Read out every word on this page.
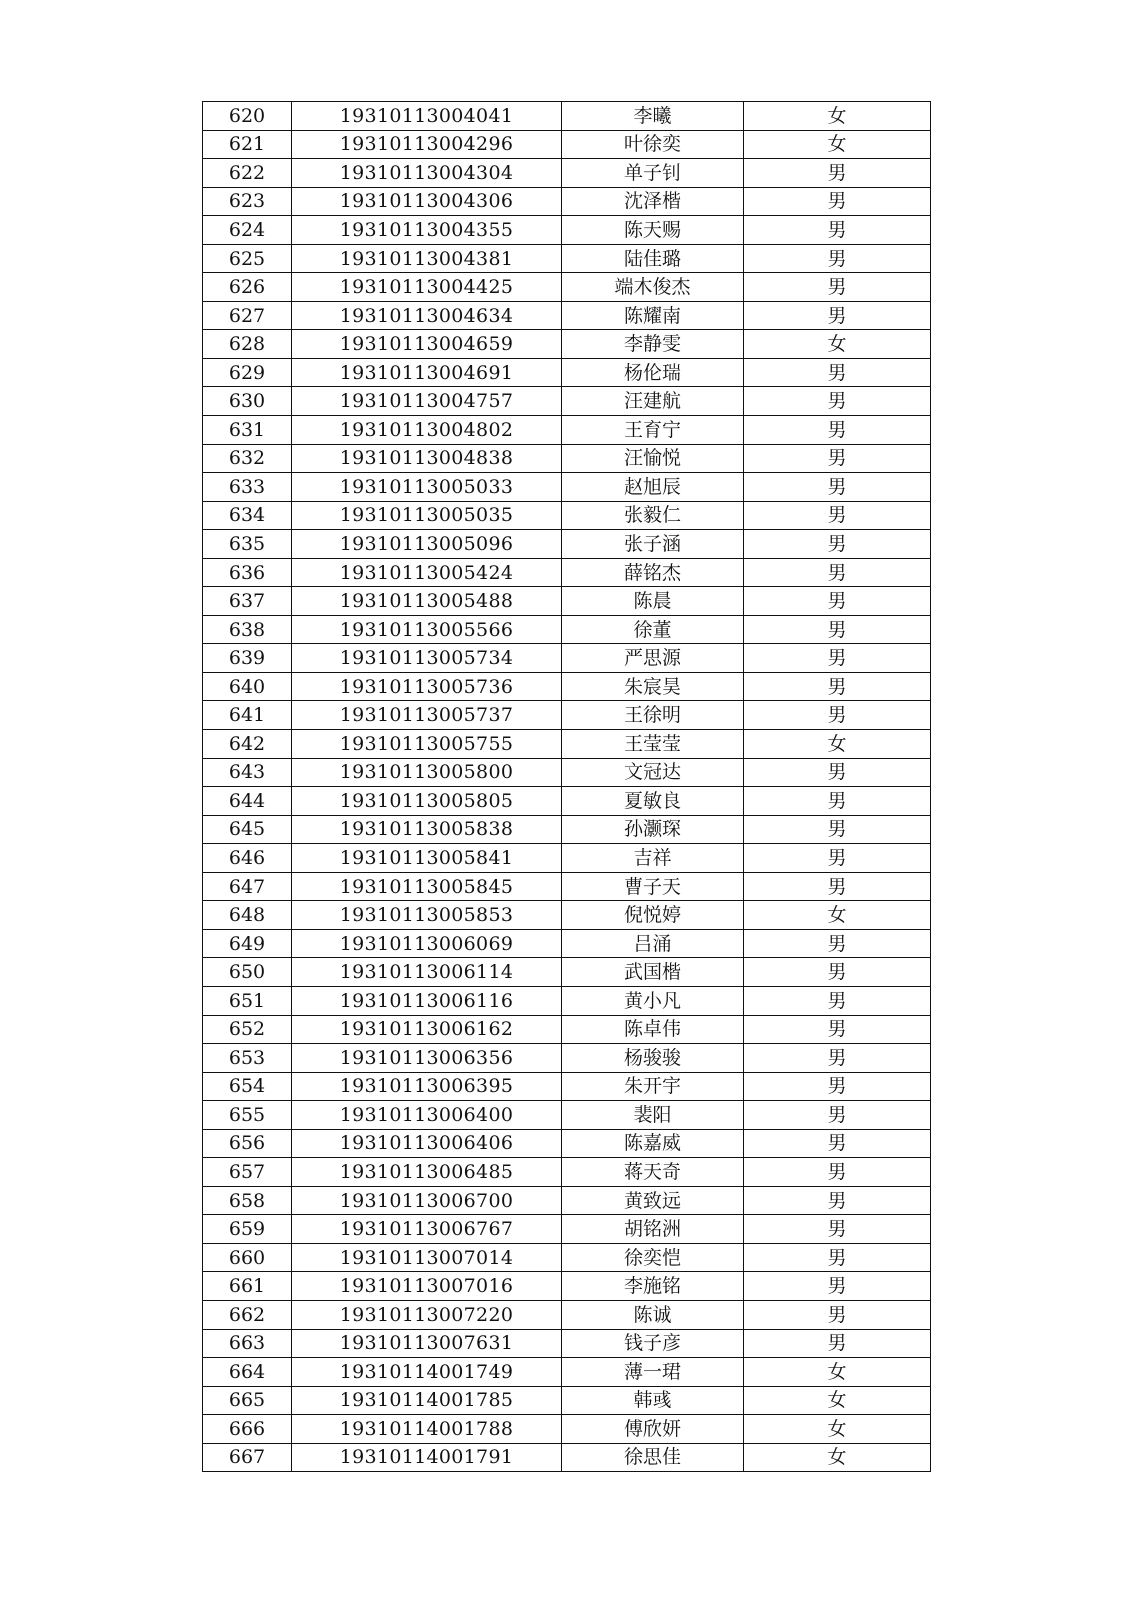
620	19310113004041	李曦	女
621	19310113004296	叶徐奕	女
622	19310113004304	单子钊	男
623	19310113004306	沈泽楷	男
624	19310113004355	陈天赐	男
625	19310113004381	陆佳璐	男
626	19310113004425	端木俊杰	男
627	19310113004634	陈耀南	男
628	19310113004659	李静雯	女
629	19310113004691	杨伦瑞	男
630	19310113004757	汪建航	男
631	19310113004802	王育宁	男
632	19310113004838	汪愉悦	男
633	19310113005033	赵旭辰	男
634	19310113005035	张毅仁	男
635	19310113005096	张子涵	男
636	19310113005424	薛铭杰	男
637	19310113005488	陈晨	男
638	19310113005566	徐董	男
639	19310113005734	严思源	男
640	19310113005736	朱宸昊	男
641	19310113005737	王徐明	男
642	19310113005755	王莹莹	女
643	19310113005800	文冠达	男
644	19310113005805	夏敏良	男
645	19310113005838	孙灏琛	男
646	19310113005841	吉祥	男
647	19310113005845	曹子天	男
648	19310113005853	倪悦婷	女
649	19310113006069	吕涌	男
650	19310113006114	武国楷	男
651	19310113006116	黄小凡	男
652	19310113006162	陈卓伟	男
653	19310113006356	杨骏骏	男
654	19310113006395	朱开宇	男
655	19310113006400	裴阳	男
656	19310113006406	陈嘉威	男
657	19310113006485	蒋天奇	男
658	19310113006700	黄致远	男
659	19310113006767	胡铭洲	男
660	19310113007014	徐奕恺	男
661	19310113007016	李施铭	男
662	19310113007220	陈诚	男
663	19310113007631	钱子彦	男
664	19310114001749	薄一珺	女
665	19310114001785	韩彧	女
666	19310114001788	傅欣妍	女
667	19310114001791	徐思佳	女
